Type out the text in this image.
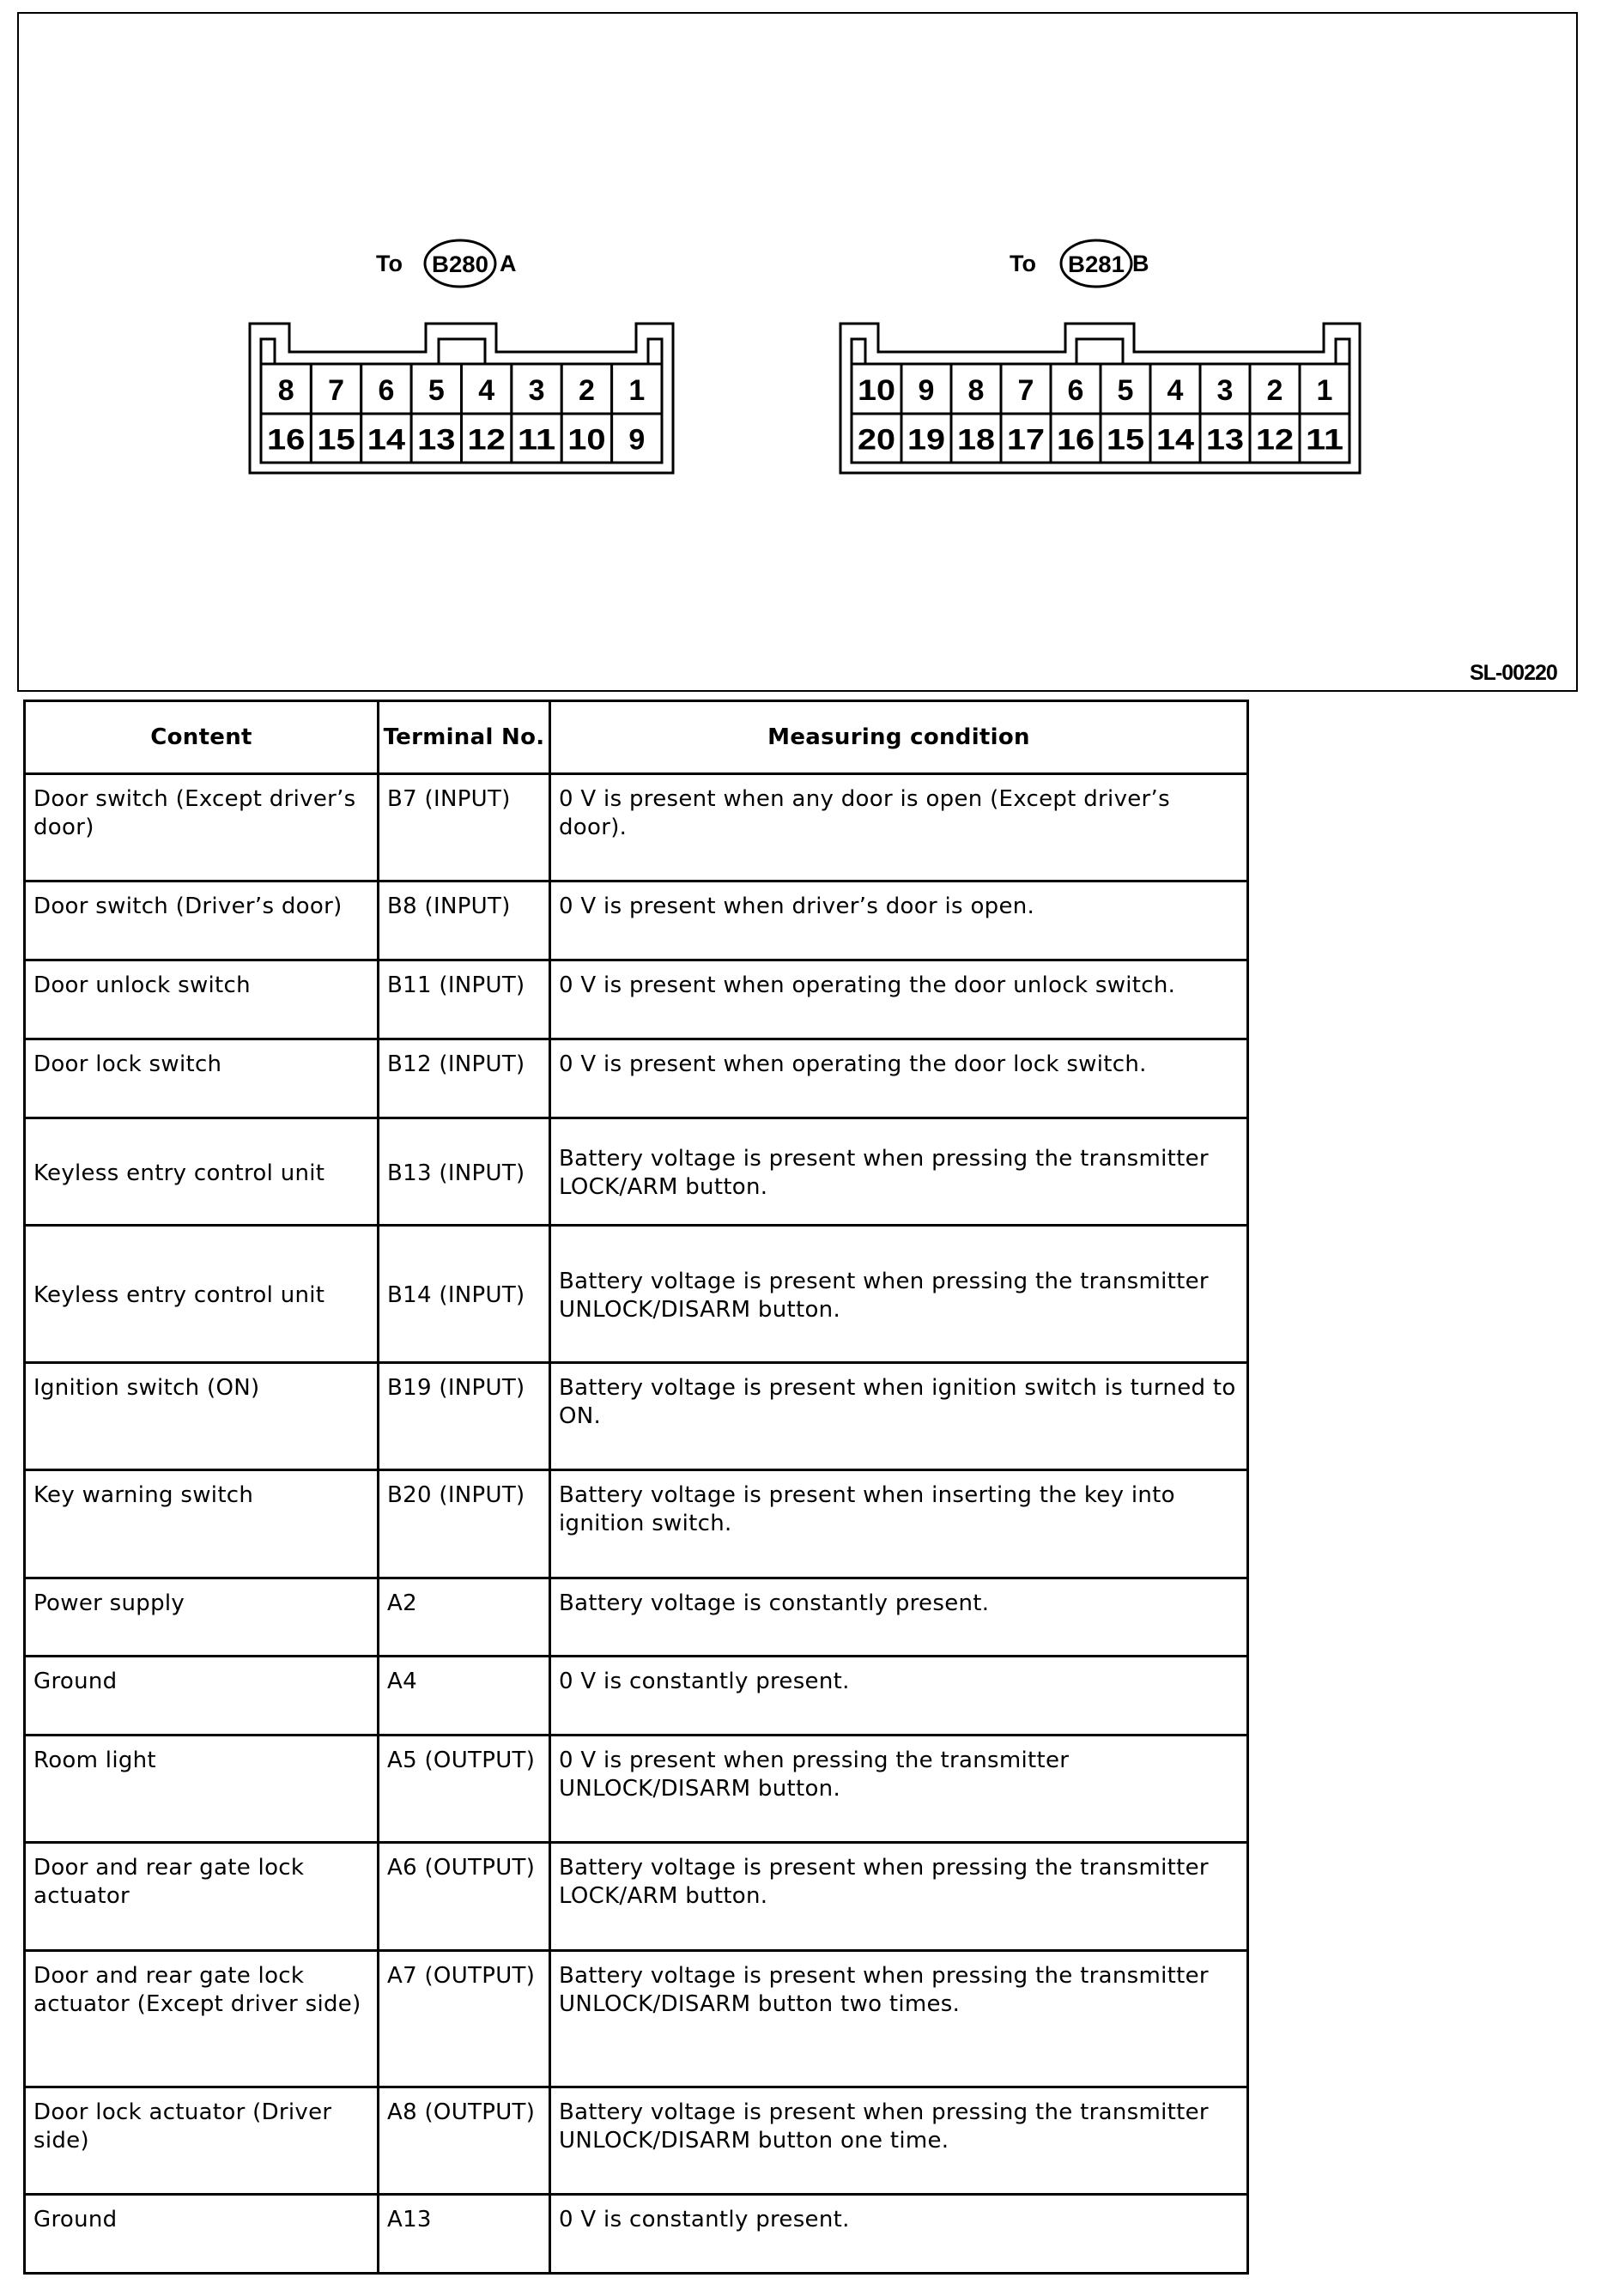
8 7 6 5 4 3 2 1
16 15 14 13 12 11 10 9
To B280 A
10 9 8 7 6 5 4 3 2 1
20 19 18 17 16 15 14 13 12 11
To B281 B
SL-00220
Content	Terminal No.	Measuring condition
Door switch (Except driver’s door)	B7 (INPUT)	0 V is present when any door is open (Except driver’s door).
Door switch (Driver’s door)	B8 (INPUT)	0 V is present when driver’s door is open.
Door unlock switch	B11 (INPUT)	0 V is present when operating the door unlock switch.
Door lock switch	B12 (INPUT)	0 V is present when operating the door lock switch.
Keyless entry control unit	B13 (INPUT)	Battery voltage is present when pressing the transmitter LOCK/ARM button.
Keyless entry control unit	B14 (INPUT)	Battery voltage is present when pressing the transmitter UNLOCK/DISARM button.
Ignition switch (ON)	B19 (INPUT)	Battery voltage is present when ignition switch is turned to ON.
Key warning switch	B20 (INPUT)	Battery voltage is present when inserting the key into ignition switch.
Power supply	A2	Battery voltage is constantly present.
Ground	A4	0 V is constantly present.
Room light	A5 (OUTPUT)	0 V is present when pressing the transmitter UNLOCK/DISARM button.
Door and rear gate lock actuator	A6 (OUTPUT)	Battery voltage is present when pressing the transmitter LOCK/ARM button.
Door and rear gate lock actuator (Except driver side)	A7 (OUTPUT)	Battery voltage is present when pressing the transmitter UNLOCK/DISARM button two times.
Door lock actuator (Driver side)	A8 (OUTPUT)	Battery voltage is present when pressing the transmitter UNLOCK/DISARM button one time.
Ground	A13	0 V is constantly present.
